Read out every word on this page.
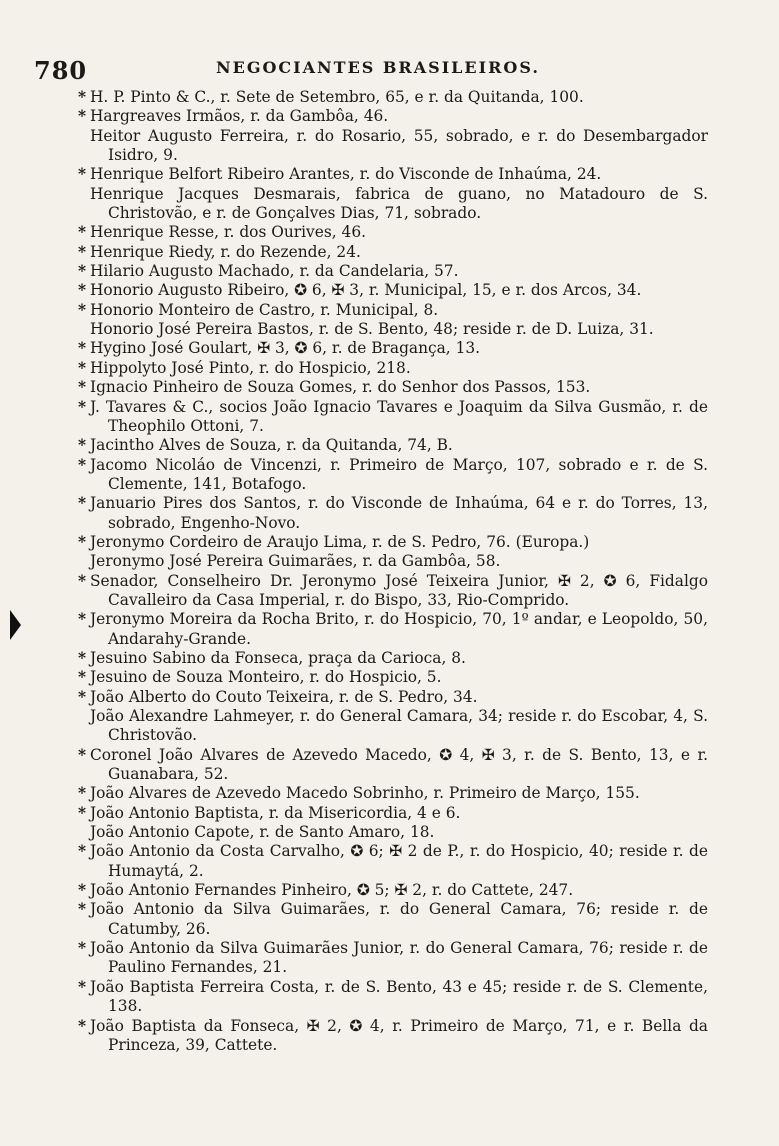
780	NEGOCIANTES BRASILEIROS.

* H. P. Pinto & C., r. Sete de Setembro, 65, e r. da Quitanda, 100.

* Hargreaves Irmãos, r. da Gambôa, 46.

Heitor Augusto Ferreira, r. do Rosario, 55, sobrado, e r. do Desembargador Isidro, 9.

* Henrique Belfort Ribeiro Arantes, r. do Visconde de Inhaúma, 24.

Henrique Jacques Desmarais, fabrica de guano, no Matadouro de S. Christovão, e r. de Gonçalves Dias, 71, sobrado.

* Henrique Resse, r. dos Ourives, 46.

* Henrique Riedy, r. do Rezende, 24.

* Hilario Augusto Machado, r. da Candelaria, 57.

* Honorio Augusto Ribeiro, ✪ 6, ✠ 3, r. Municipal, 15, e r. dos Arcos, 34.

* Honorio Monteiro de Castro, r. Municipal, 8.

Honorio José Pereira Bastos, r. de S. Bento, 48; reside r. de D. Luiza, 31.

* Hygino José Goulart, ✠ 3, ✪ 6, r. de Bragança, 13.

* Hippolyto José Pinto, r. do Hospicio, 218.

* Ignacio Pinheiro de Souza Gomes, r. do Senhor dos Passos, 153.

* J. Tavares & C., socios João Ignacio Tavares e Joaquim da Silva Gusmão, r. de Theophilo Ottoni, 7.

* Jacintho Alves de Souza, r. da Quitanda, 74, B.

* Jacomo Nicoláo de Vincenzi, r. Primeiro de Março, 107, sobrado e r. de S. Clemente, 141, Botafogo.

* Januario Pires dos Santos, r. do Visconde de Inhaúma, 64 e r. do Torres, 13, sobrado, Engenho-Novo.

* Jeronymo Cordeiro de Araujo Lima, r. de S. Pedro, 76. (Europa.)

Jeronymo José Pereira Guimarães, r. da Gambôa, 58.

* Senador, Conselheiro Dr. Jeronymo José Teixeira Junior, ✠ 2, ✪ 6, Fidalgo Cavalleiro da Casa Imperial, r. do Bispo, 33, Rio-Comprido.

* Jeronymo Moreira da Rocha Brito, r. do Hospicio, 70, 1º andar, e Leopoldo, 50, Andarahy-Grande.

* Jesuino Sabino da Fonseca, praça da Carioca, 8.

* Jesuino de Souza Monteiro, r. do Hospicio, 5.

* João Alberto do Couto Teixeira, r. de S. Pedro, 34.

João Alexandre Lahmeyer, r. do General Camara, 34; reside r. do Escobar, 4, S. Christovão.

* Coronel João Alvares de Azevedo Macedo, ✪ 4, ✠ 3, r. de S. Bento, 13, e r. Guanabara, 52.

* João Alvares de Azevedo Macedo Sobrinho, r. Primeiro de Março, 155.

* João Antonio Baptista, r. da Misericordia, 4 e 6.

João Antonio Capote, r. de Santo Amaro, 18.

* João Antonio da Costa Carvalho, ✪ 6; ✠ 2 de P., r. do Hospicio, 40; reside r. de Humaytá, 2.

* João Antonio Fernandes Pinheiro, ✪ 5; ✠ 2, r. do Cattete, 247.

* João Antonio da Silva Guimarães, r. do General Camara, 76; reside r. de Catumby, 26.

* João Antonio da Silva Guimarães Junior, r. do General Camara, 76; reside r. de Paulino Fernandes, 21.

* João Baptista Ferreira Costa, r. de S. Bento, 43 e 45; reside r. de S. Clemente, 138.

* João Baptista da Fonseca, ✠ 2, ✪ 4, r. Primeiro de Março, 71, e r. Bella da Princeza, 39, Cattete.
